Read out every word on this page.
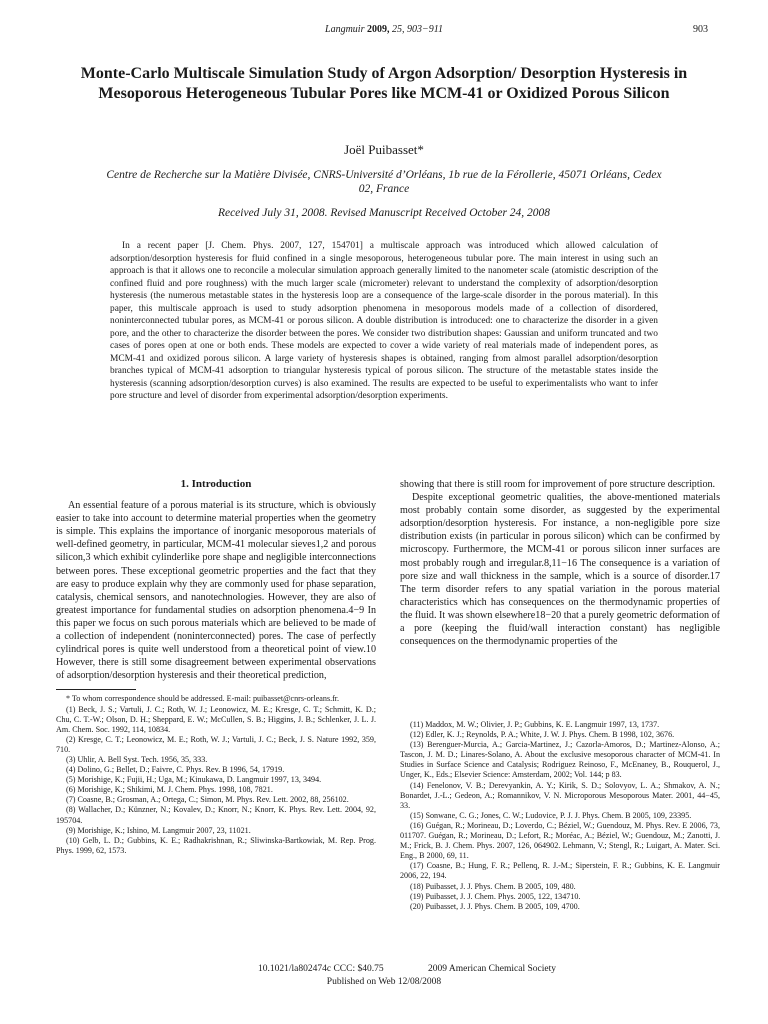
Langmuir 2009, 25, 903−911	903
Monte-Carlo Multiscale Simulation Study of Argon Adsorption/ Desorption Hysteresis in Mesoporous Heterogeneous Tubular Pores like MCM-41 or Oxidized Porous Silicon
Joël Puibasset*
Centre de Recherche sur la Matière Divisée, CNRS-Université d’Orléans, 1b rue de la Férollerie, 45071 Orléans, Cedex 02, France
Received July 31, 2008. Revised Manuscript Received October 24, 2008

In a recent paper [J. Chem. Phys. 2007, 127, 154701] a multiscale approach was introduced which allowed calculation of adsorption/desorption hysteresis for fluid confined in a single mesoporous, heterogeneous tubular pore. The main interest in using such an approach is that it allows one to reconcile a molecular simulation approach generally limited to the nanometer scale (atomistic description of the confined fluid and pore roughness) with the much larger scale (micrometer) relevant to understand the complexity of adsorption/desorption hysteresis (the numerous metastable states in the hysteresis loop are a consequence of the large-scale disorder in the porous material). In this paper, this multiscale approach is used to study adsorption phenomena in mesoporous models made of a collection of disordered, noninterconnected tubular pores, as MCM-41 or porous silicon. A double distribution is introduced: one to characterize the disorder in a given pore, and the other to characterize the disorder between the pores. We consider two distribution shapes: Gaussian and uniform truncated and two cases of pores open at one or both ends. These models are expected to cover a wide variety of real materials made of independent pores, as MCM-41 and oxidized porous silicon. A large variety of hysteresis shapes is obtained, ranging from almost parallel adsorption/desorption branches typical of MCM-41 adsorption to triangular hysteresis typical of porous silicon. The structure of the metastable states inside the hysteresis (scanning adsorption/desorption curves) is also examined. The results are expected to be useful to experimentalists who want to infer pore structure and level of disorder from experimental adsorption/desorption experiments.

1. Introduction

An essential feature of a porous material is its structure, which is obviously easier to take into account to determine material properties when the geometry is simple. This explains the importance of inorganic mesoporous materials of well-defined geometry, in particular, MCM-41 molecular sieves1,2 and porous silicon,3 which exhibit cylinderlike pore shape and negligible interconnections between pores. These exceptional geometric properties and the fact that they are easy to produce explain why they are commonly used for phase separation, catalysis, chemical sensors, and nanotechnologies. However, they are also of greatest importance for fundamental studies on adsorption phenomena.4−9 In this paper we focus on such porous materials which are believed to be made of a collection of independent (noninterconnected) pores. The case of perfectly cylindrical pores is quite well understood from a theoretical point of view.10 However, there is still some disagreement between experimental observations of adsorption/desorption hysteresis and their theoretical prediction,

* To whom correspondence should be addressed. E-mail: puibasset@cnrs-orleans.fr.

(1) Beck, J. S.; Vartuli, J. C.; Roth, W. J.; Leonowicz, M. E.; Kresge, C. T.; Schmitt, K. D.; Chu, C. T.-W.; Olson, D. H.; Sheppard, E. W.; McCullen, S. B.; Higgins, J. B.; Schlenker, J. L. J. Am. Chem. Soc. 1992, 114, 10834.

(2) Kresge, C. T.; Leonowicz, M. E.; Roth, W. J.; Vartuli, J. C.; Beck, J. S. Nature 1992, 359, 710.

(3) Uhlir, A. Bell Syst. Tech. 1956, 35, 333.

(4) Dolino, G.; Bellet, D.; Faivre, C. Phys. Rev. B 1996, 54, 17919.

(5) Morishige, K.; Fujii, H.; Uga, M.; Kinukawa, D. Langmuir 1997, 13, 3494.

(6) Morishige, K.; Shikimi, M. J. Chem. Phys. 1998, 108, 7821.

(7) Coasne, B.; Grosman, A.; Ortega, C.; Simon, M. Phys. Rev. Lett. 2002, 88, 256102.

(8) Wallacher, D.; Künzner, N.; Kovalev, D.; Knorr, N.; Knorr, K. Phys. Rev. Lett. 2004, 92, 195704.

(9) Morishige, K.; Ishino, M. Langmuir 2007, 23, 11021.

(10) Gelb, L. D.; Gubbins, K. E.; Radhakrishnan, R.; Sliwinska-Bartkowiak, M. Rep. Prog. Phys. 1999, 62, 1573.

showing that there is still room for improvement of pore structure description.

Despite exceptional geometric qualities, the above-mentioned materials most probably contain some disorder, as suggested by the experimental adsorption/desorption hysteresis. For instance, a non-negligible pore size distribution exists (in particular in porous silicon) which can be confirmed by microscopy. Furthermore, the MCM-41 or porous silicon inner surfaces are most probably rough and irregular.8,11−16 The consequence is a variation of pore size and wall thickness in the sample, which is a source of disorder.17 The term disorder refers to any spatial variation in the porous material characteristics which has consequences on the thermodynamic properties of the fluid. It was shown elsewhere18−20 that a purely geometric deformation of a pore (keeping the fluid/wall interaction constant) has negligible consequences on the thermodynamic properties of the

(11) Maddox, M. W.; Olivier, J. P.; Gubbins, K. E. Langmuir 1997, 13, 1737.

(12) Edler, K. J.; Reynolds, P. A.; White, J. W. J. Phys. Chem. B 1998, 102, 3676.

(13) Berenguer-Murcia, A.; Garcia-Martinez, J.; Cazorla-Amoros, D.; Martinez-Alonso, A.; Tascon, J. M. D.; Linares-Solano, A. About the exclusive mesoporous character of MCM-41. In Studies in Surface Science and Catalysis; Rodriguez Reinoso, F., McEnaney, B., Rouquerol, J., Unger, K., Eds.; Elsevier Science: Amsterdam, 2002; Vol. 144; p 83.

(14) Fenelonov, V. B.; Derevyankin, A. Y.; Kirik, S. D.; Solovyov, L. A.; Shmakov, A. N.; Bonardet, J.-L.; Gedeon, A.; Romannikov, V. N. Microporous Mesoporous Mater. 2001, 44−45, 33.

(15) Sonwane, C. G.; Jones, C. W.; Ludovice, P. J. J. Phys. Chem. B 2005, 109, 23395.

(16) Guégan, R.; Morineau, D.; Loverdo, C.; Béziel, W.; Guendouz, M. Phys. Rev. E 2006, 73, 011707. Guégan, R.; Morineau, D.; Lefort, R.; Moréac, A.; Béziel, W.; Guendouz, M.; Zanotti, J. M.; Frick, B. J. Chem. Phys. 2007, 126, 064902. Lehmann, V.; Stengl, R.; Luigart, A. Mater. Sci. Eng., B 2000, 69, 11.

(17) Coasne, B.; Hung, F. R.; Pellenq, R. J.-M.; Siperstein, F. R.; Gubbins, K. E. Langmuir 2006, 22, 194.

(18) Puibasset, J. J. Phys. Chem. B 2005, 109, 480.

(19) Puibasset, J. J. Chem. Phys. 2005, 122, 134710.

(20) Puibasset, J. J. Phys. Chem. B 2005, 109, 4700.

10.1021/la802474c CCC: $40.75	2009 American Chemical Society
Published on Web 12/08/2008
